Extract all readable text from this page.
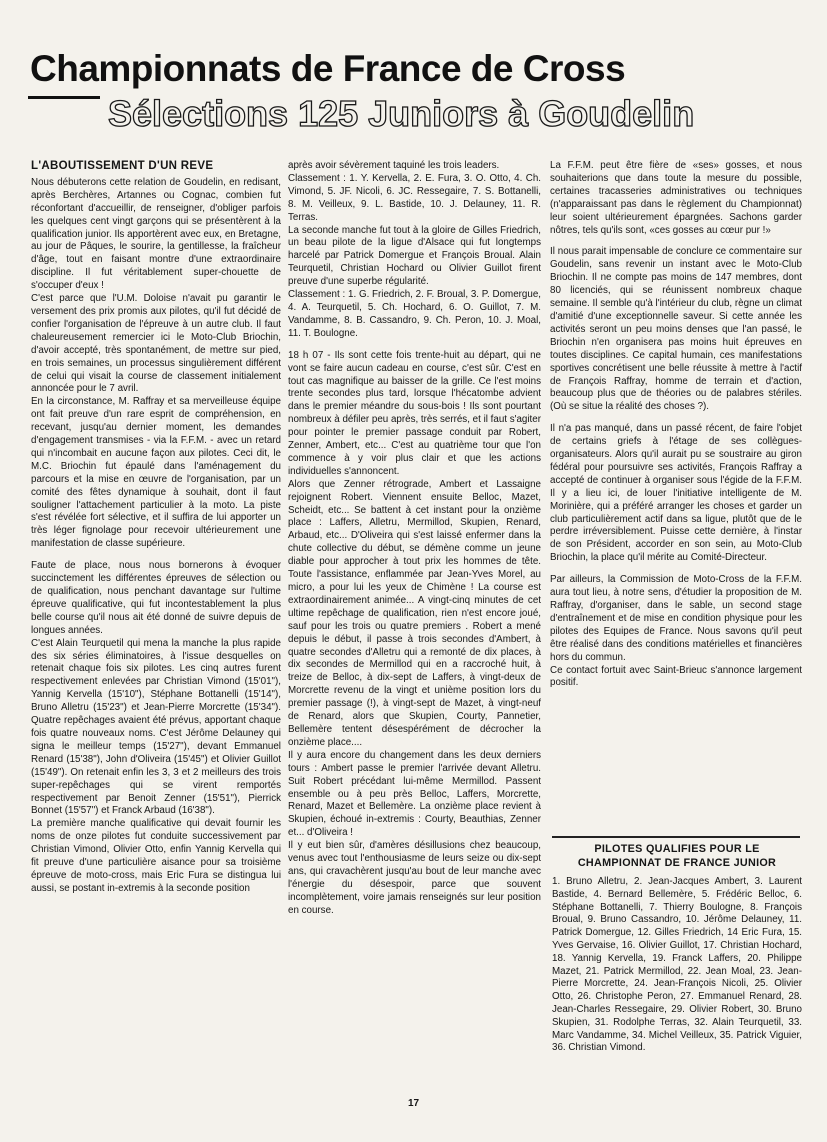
Championnats de France de Cross
Sélections 125 Juniors à Goudelin
L'ABOUTISSEMENT D'UN REVE

Nous débuterons cette relation de Goudelin, en redisant, après Berchères, Artannes ou Cognac, combien fut réconfortant d'accueillir, de renseigner, d'obliger parfois les quelques cent vingt garçons qui se présentèrent à la qualification junior. Ils apportèrent avec eux, en Bretagne, au jour de Pâques, le sourire, la gentillesse, la fraîcheur d'âge, tout en faisant montre d'une extraordinaire discipline. Il fut véritablement super-chouette de s'occuper d'eux !

C'est parce que l'U.M. Doloise n'avait pu garantir le versement des prix promis aux pilotes, qu'il fut décidé de confier l'organisation de l'épreuve à un autre club. Il faut chaleureusement remercier ici le Moto-Club Briochin, d'avoir accepté, très spontanément, de mettre sur pied, en trois semaines, un processus singulièrement différent de celui qui visait la course de classement initialement annoncée pour le 7 avril.

En la circonstance, M. Raffray et sa merveilleuse équipe ont fait preuve d'un rare esprit de compréhension, en recevant, jusqu'au dernier moment, les demandes d'engagement transmises - via la F.F.M. - avec un retard qui n'incombait en aucune façon aux pilotes. Ceci dit, le M.C. Briochin fut épaulé dans l'aménagement du parcours et la mise en œuvre de l'organisation, par un comité des fêtes dynamique à souhait, dont il faut souligner l'attachement particulier à la moto. La piste s'est révélée fort sélective, et il suffira de lui apporter un très léger fignolage pour recevoir ultérieurement une manifestation de classe supérieure.

Faute de place, nous nous bornerons à évoquer succinctement les différentes épreuves de sélection ou de qualification, nous penchant davantage sur l'ultime épreuve qualificative, qui fut incontestablement la plus belle course qu'il nous ait été donné de suivre depuis de longues années.

C'est Alain Teurquetil qui mena la manche la plus rapide des six séries éliminatoires, à l'issue desquelles on retenait chaque fois six pilotes. Les cinq autres furent respectivement enlevées par Christian Vimond (15'01"), Yannig Kervella (15'10"), Stéphane Bottanelli (15'14"), Bruno Alletru (15'23") et Jean-Pierre Morcrette (15'34"). Quatre repêchages avaient été prévus, apportant chaque fois quatre nouveaux noms. C'est Jérôme Delauney qui signa le meilleur temps (15'27"), devant Emmanuel Renard (15'38"), John d'Oliveira (15'45") et Olivier Guillot (15'49"). On retenait enfin les 3, 3 et 2 meilleurs des trois super-repêchages qui se virent remportés respectivement par Benoit Zenner (15'51"), Pierrick Bonnet (15'57") et Franck Arbaud (16'38").

La première manche qualificative qui devait fournir les noms de onze pilotes fut conduite successivement par Christian Vimond, Olivier Otto, enfin Yannig Kervella qui fit preuve d'une particulière aisance pour sa troisième épreuve de moto-cross, mais Eric Fura se distingua lui aussi, se postant in-extremis à la seconde position

après avoir sévèrement taquiné les trois leaders.

Classement : 1. Y. Kervella, 2. E. Fura, 3. O. Otto, 4. Ch. Vimond, 5. JF. Nicoli, 6. JC. Ressegaire, 7. S. Bottanelli, 8. M. Veilleux, 9. L. Bastide, 10. J. Delauney, 11. R. Terras.

La seconde manche fut tout à la gloire de Gilles Friedrich, un beau pilote de la ligue d'Alsace qui fut longtemps harcelé par Patrick Domergue et François Broual. Alain Teurquetil, Christian Hochard ou Olivier Guillot firent preuve d'une superbe régularité.

Classement : 1. G. Friedrich, 2. F. Broual, 3. P. Domergue, 4. A. Teurquetil, 5. Ch. Hochard, 6. O. Guillot, 7. M. Vandamme, 8. B. Cassandro, 9. Ch. Peron, 10. J. Moal, 11. T. Boulogne.

18 h 07 - Ils sont cette fois trente-huit au départ, qui ne vont se faire aucun cadeau en course, c'est sûr. C'est en tout cas magnifique au baisser de la grille. Ce l'est moins trente secondes plus tard, lorsque l'hécatombe advient dans le premier méandre du sous-bois ! Ils sont pourtant nombreux à défiler peu après, très serrés, et il faut s'agiter pour pointer le premier passage conduit par Robert, Zenner, Ambert, etc... C'est au quatrième tour que l'on commence à y voir plus clair et que les actions individuelles s'annoncent.

Alors que Zenner rétrograde, Ambert et Lassaigne rejoignent Robert. Viennent ensuite Belloc, Mazet, Scheidt, etc... Se battent à cet instant pour la onzième place : Laffers, Alletru, Mermillod, Skupien, Renard, Arbaud, etc... D'Oliveira qui s'est laissé enfermer dans la chute collective du début, se démène comme un jeune diable pour approcher à tout prix les hommes de tête. Toute l'assistance, enflammée par Jean-Yves Morel, au micro, a pour lui les yeux de Chimène ! La course est extraordinairement animée... A vingt-cinq minutes de cet ultime repêchage de qualification, rien n'est encore joué, sauf pour les trois ou quatre premiers . Robert a mené depuis le début, il passe à trois secondes d'Ambert, à quatre secondes d'Alletru qui a remonté de dix places, à dix secondes de Mermillod qui en a raccroché huit, à treize de Belloc, à dix-sept de Laffers, à vingt-deux de Morcrette revenu de la vingt et unième position lors du premier passage (!), à vingt-sept de Mazet, à vingt-neuf de Renard, alors que Skupien, Courty, Pannetier, Bellemère tentent désespérément de décrocher la onzième place....

Il y aura encore du changement dans les deux derniers tours : Ambert passe le premier l'arrivée devant Alletru. Suit Robert précédant lui-même Mermillod. Passent ensemble ou à peu près Belloc, Laffers, Morcrette, Renard, Mazet et Bellemère. La onzième place revient à Skupien, échoué in-extremis : Courty, Beauthias, Zenner et... d'Oliveira !

Il y eut bien sûr, d'amères désillusions chez beaucoup, venus avec tout l'enthousiasme de leurs seize ou dix-sept ans, qui cravachèrent jusqu'au bout de leur manche avec l'énergie du désespoir, parce que souvent incomplètement, voire jamais renseignés sur leur position en course.

La F.F.M. peut être fière de «ses» gosses, et nous souhaiterions que dans toute la mesure du possible, certaines tracasseries administratives ou techniques (n'apparaissant pas dans le règlement du Championnat) leur soient ultérieurement épargnées. Sachons garder nôtres, tels qu'ils sont, «ces gosses au cœur pur !»

Il nous parait impensable de conclure ce commentaire sur Goudelin, sans revenir un instant avec le Moto-Club Briochin. Il ne compte pas moins de 147 membres, dont 80 licenciés, qui se réunissent nombreux chaque semaine. Il semble qu'à l'intérieur du club, règne un climat d'amitié d'une exceptionnelle saveur. Si cette année les activités seront un peu moins denses que l'an passé, le Briochin n'en organisera pas moins huit épreuves en toutes disciplines. Ce capital humain, ces manifestations sportives concrétisent une belle réussite à mettre à l'actif de François Raffray, homme de terrain et d'action, beaucoup plus que de théories ou de palabres stériles. (Où se situe la réalité des choses ?).

Il n'a pas manqué, dans un passé récent, de faire l'objet de certains griefs à l'étage de ses collègues-organisateurs. Alors qu'il aurait pu se soustraire au giron fédéral pour poursuivre ses activités, François Raffray a accepté de continuer à organiser sous l'égide de la F.F.M. Il y a lieu ici, de louer l'initiative intelligente de M. Morinière, qui a préféré arranger les choses et garder un club particulièrement actif dans sa ligue, plutôt que de le perdre irréversiblement. Puisse cette dernière, à l'instar de son Président, accorder en son sein, au Moto-Club Briochin, la place qu'il mérite au Comité-Directeur.

Par ailleurs, la Commission de Moto-Cross de la F.F.M. aura tout lieu, à notre sens, d'étudier la proposition de M. Raffray, d'organiser, dans le sable, un second stage d'entraînement et de mise en condition physique pour les pilotes des Equipes de France. Nous savons qu'il peut être réalisé dans des conditions matérielles et financières hors du commun.

Ce contact fortuit avec Saint-Brieuc s'annonce largement positif.

PILOTES QUALIFIES POUR LE
CHAMPIONNAT DE FRANCE JUNIOR

1. Bruno Alletru, 2. Jean-Jacques Ambert, 3. Laurent Bastide, 4. Bernard Bellemère, 5. Frédéric Belloc, 6. Stéphane Bottanelli, 7. Thierry Boulogne, 8. François Broual, 9. Bruno Cassandro, 10. Jérôme Delauney, 11. Patrick Domergue, 12. Gilles Friedrich, 14 Eric Fura, 15. Yves Gervaise, 16. Olivier Guillot, 17. Christian Hochard, 18. Yannig Kervella, 19. Franck Laffers, 20. Philippe Mazet, 21. Patrick Mermillod, 22. Jean Moal, 23. Jean-Pierre Morcrette, 24. Jean-François Nicoli, 25. Olivier Otto, 26. Christophe Peron, 27. Emmanuel Renard, 28. Jean-Charles Ressegaire, 29. Olivier Robert, 30. Bruno Skupien, 31. Rodolphe Terras, 32. Alain Teurquetil, 33. Marc Vandamme, 34. Michel Veilleux, 35. Patrick Viguier, 36. Christian Vimond.

17
